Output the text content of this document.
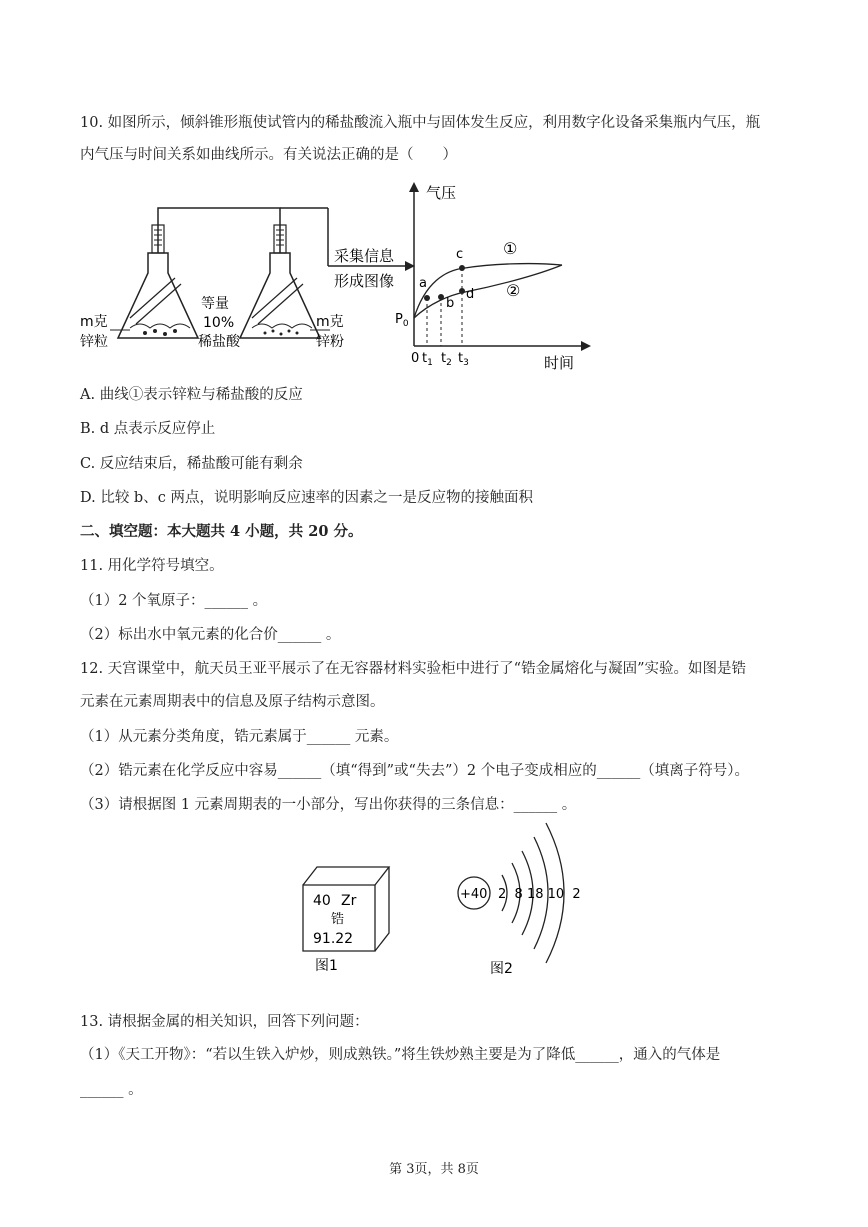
10. 如图所示，倾斜锥形瓶使试管内的稀盐酸流入瓶中与固体发生反应，利用数字化设备采集瓶内气压，瓶
内气压与时间关系如曲线所示。有关说法正确的是（　　）
m克
锌粒
等量
10%
稀盐酸
m克
锌粉
采集信息
形成图像
气压
时间
a
b
c
d
①
②
$P_0$
0 $t_1$ $t_2$ $t_3$
A. 曲线①表示锌粒与稀盐酸的反应
B. d 点表示反应停止
C. 反应结束后，稀盐酸可能有剩余
D. 比较 b、c 两点，说明影响反应速率的因素之一是反应物的接触面积
二、填空题：本大题共 4 小题，共 20 分。
11. 用化学符号填空。
（1）2 个氧原子：______ 。
（2）标出水中氧元素的化合价______ 。
12. 天宫课堂中，航天员王亚平展示了在无容器材料实验柜中进行了“锆金属熔化与凝固”实验。如图是锆
元素在元素周期表中的信息及原子结构示意图。
（1）从元素分类角度，锆元素属于______ 元素。
（2）锆元素在化学反应中容易______（填“得到”或“失去”）2 个电子变成相应的______（填离子符号）。
（3）请根据图 1 元素周期表的一小部分，写出你获得的三条信息：______ 。
40 Zr
锆
91.22
图1
+40 2  8 18 10  2
图2
13. 请根据金属的相关知识，回答下列问题：
（1）《天工开物》：“若以生铁入炉炒，则成熟铁。”将生铁炒熟主要是为了降低______，通入的气体是
______ 。
第 3页，共 8页
